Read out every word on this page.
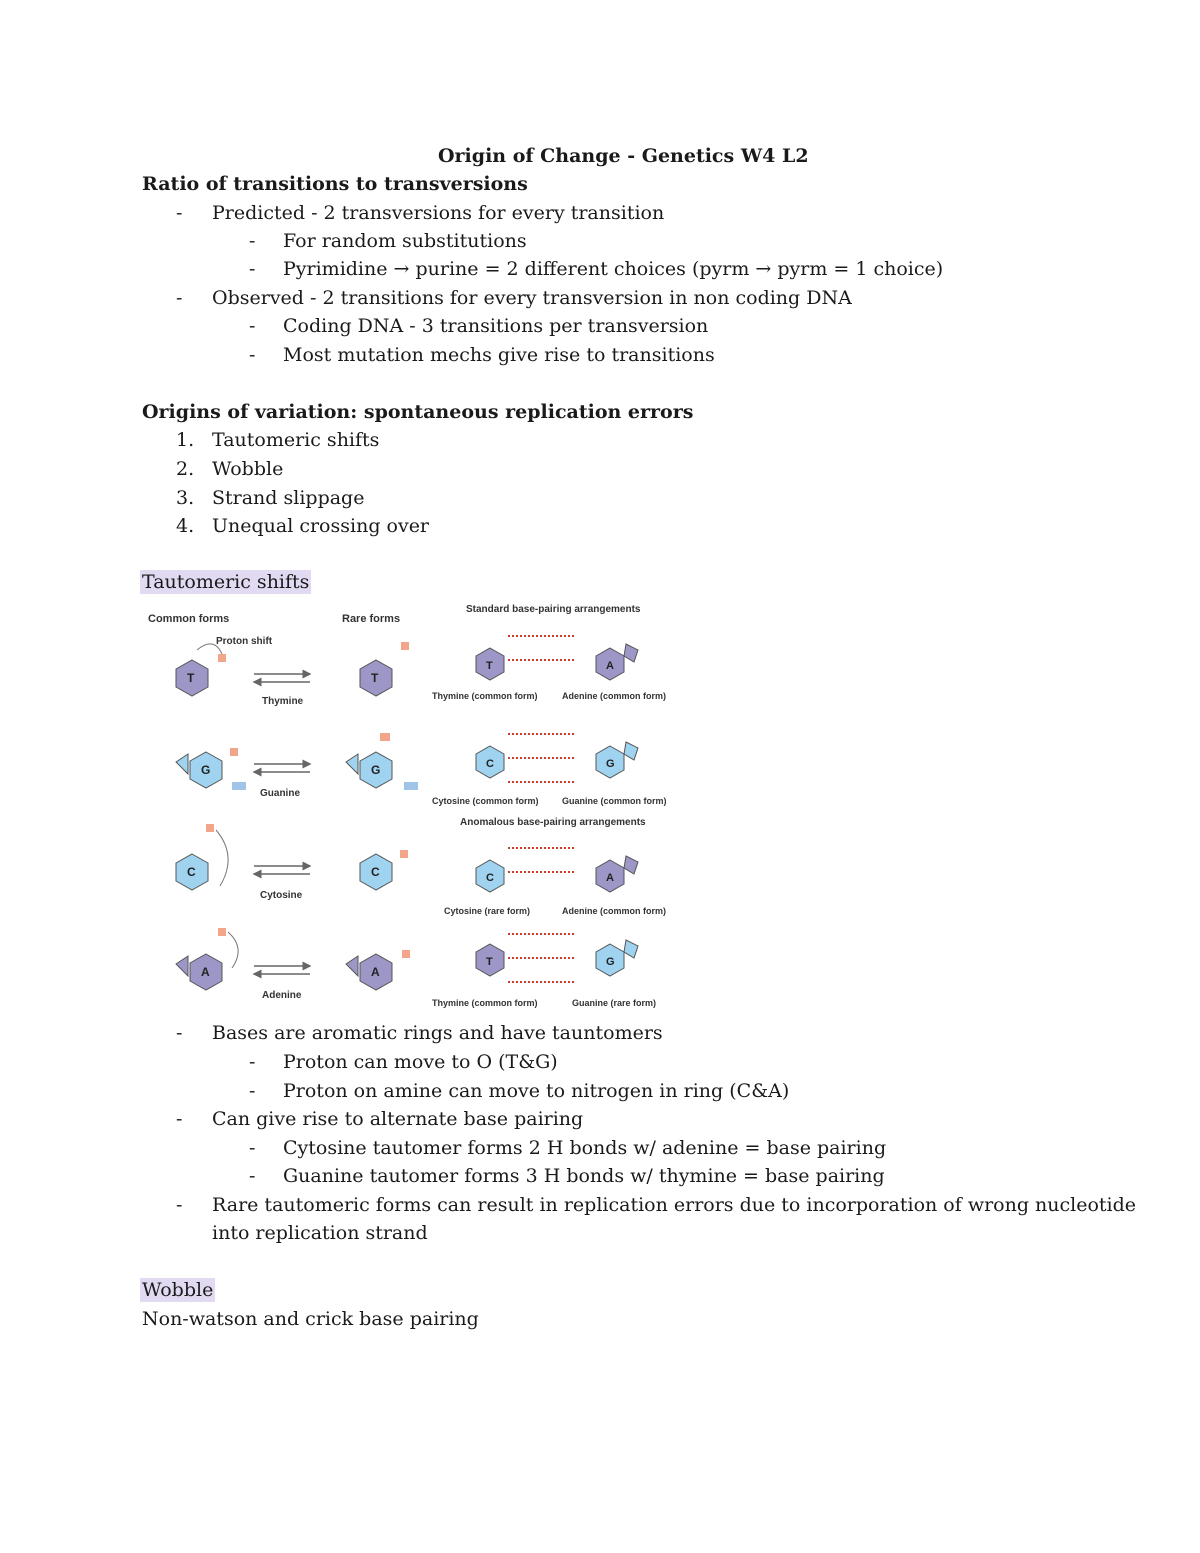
Origin of Change - Genetics W4 L2
Ratio of transitions to transversions
- Predicted - 2 transversions for every transition
- For random substitutions
- Pyrimidine → purine = 2 different choices (pyrm → pyrm = 1 choice)
- Observed - 2 transitions for every transversion in non coding DNA
- Coding DNA - 3 transitions per transversion
- Most mutation mechs give rise to transitions
Origins of variation: spontaneous replication errors
1. Tautomeric shifts
2. Wobble
3. Strand slippage
4. Unequal crossing over
Tautomeric shifts
Common forms	Rare forms
Proton shift
Standard base-pairing arrangements
Anomalous base-pairing arrangements
T
Thymine
T
G
Guanine
G
C
Cytosine
C
A
Adenine
A
T	A
Thymine (common form)	Adenine (common form)
C	G
Cytosine (common form)	Guanine (common form)
C	A
Cytosine (rare form)	Adenine (common form)
T	G
Thymine (common form)	Guanine (rare form)
- Bases are aromatic rings and have tauntomers
- Proton can move to O (T&G)
- Proton on amine can move to nitrogen in ring (C&A)
- Can give rise to alternate base pairing
- Cytosine tautomer forms 2 H bonds w/ adenine = base pairing
- Guanine tautomer forms 3 H bonds w/ thymine = base pairing
- Rare tautomeric forms can result in replication errors due to incorporation of wrong nucleotide
into replication strand
Wobble
Non-watson and crick base pairing
